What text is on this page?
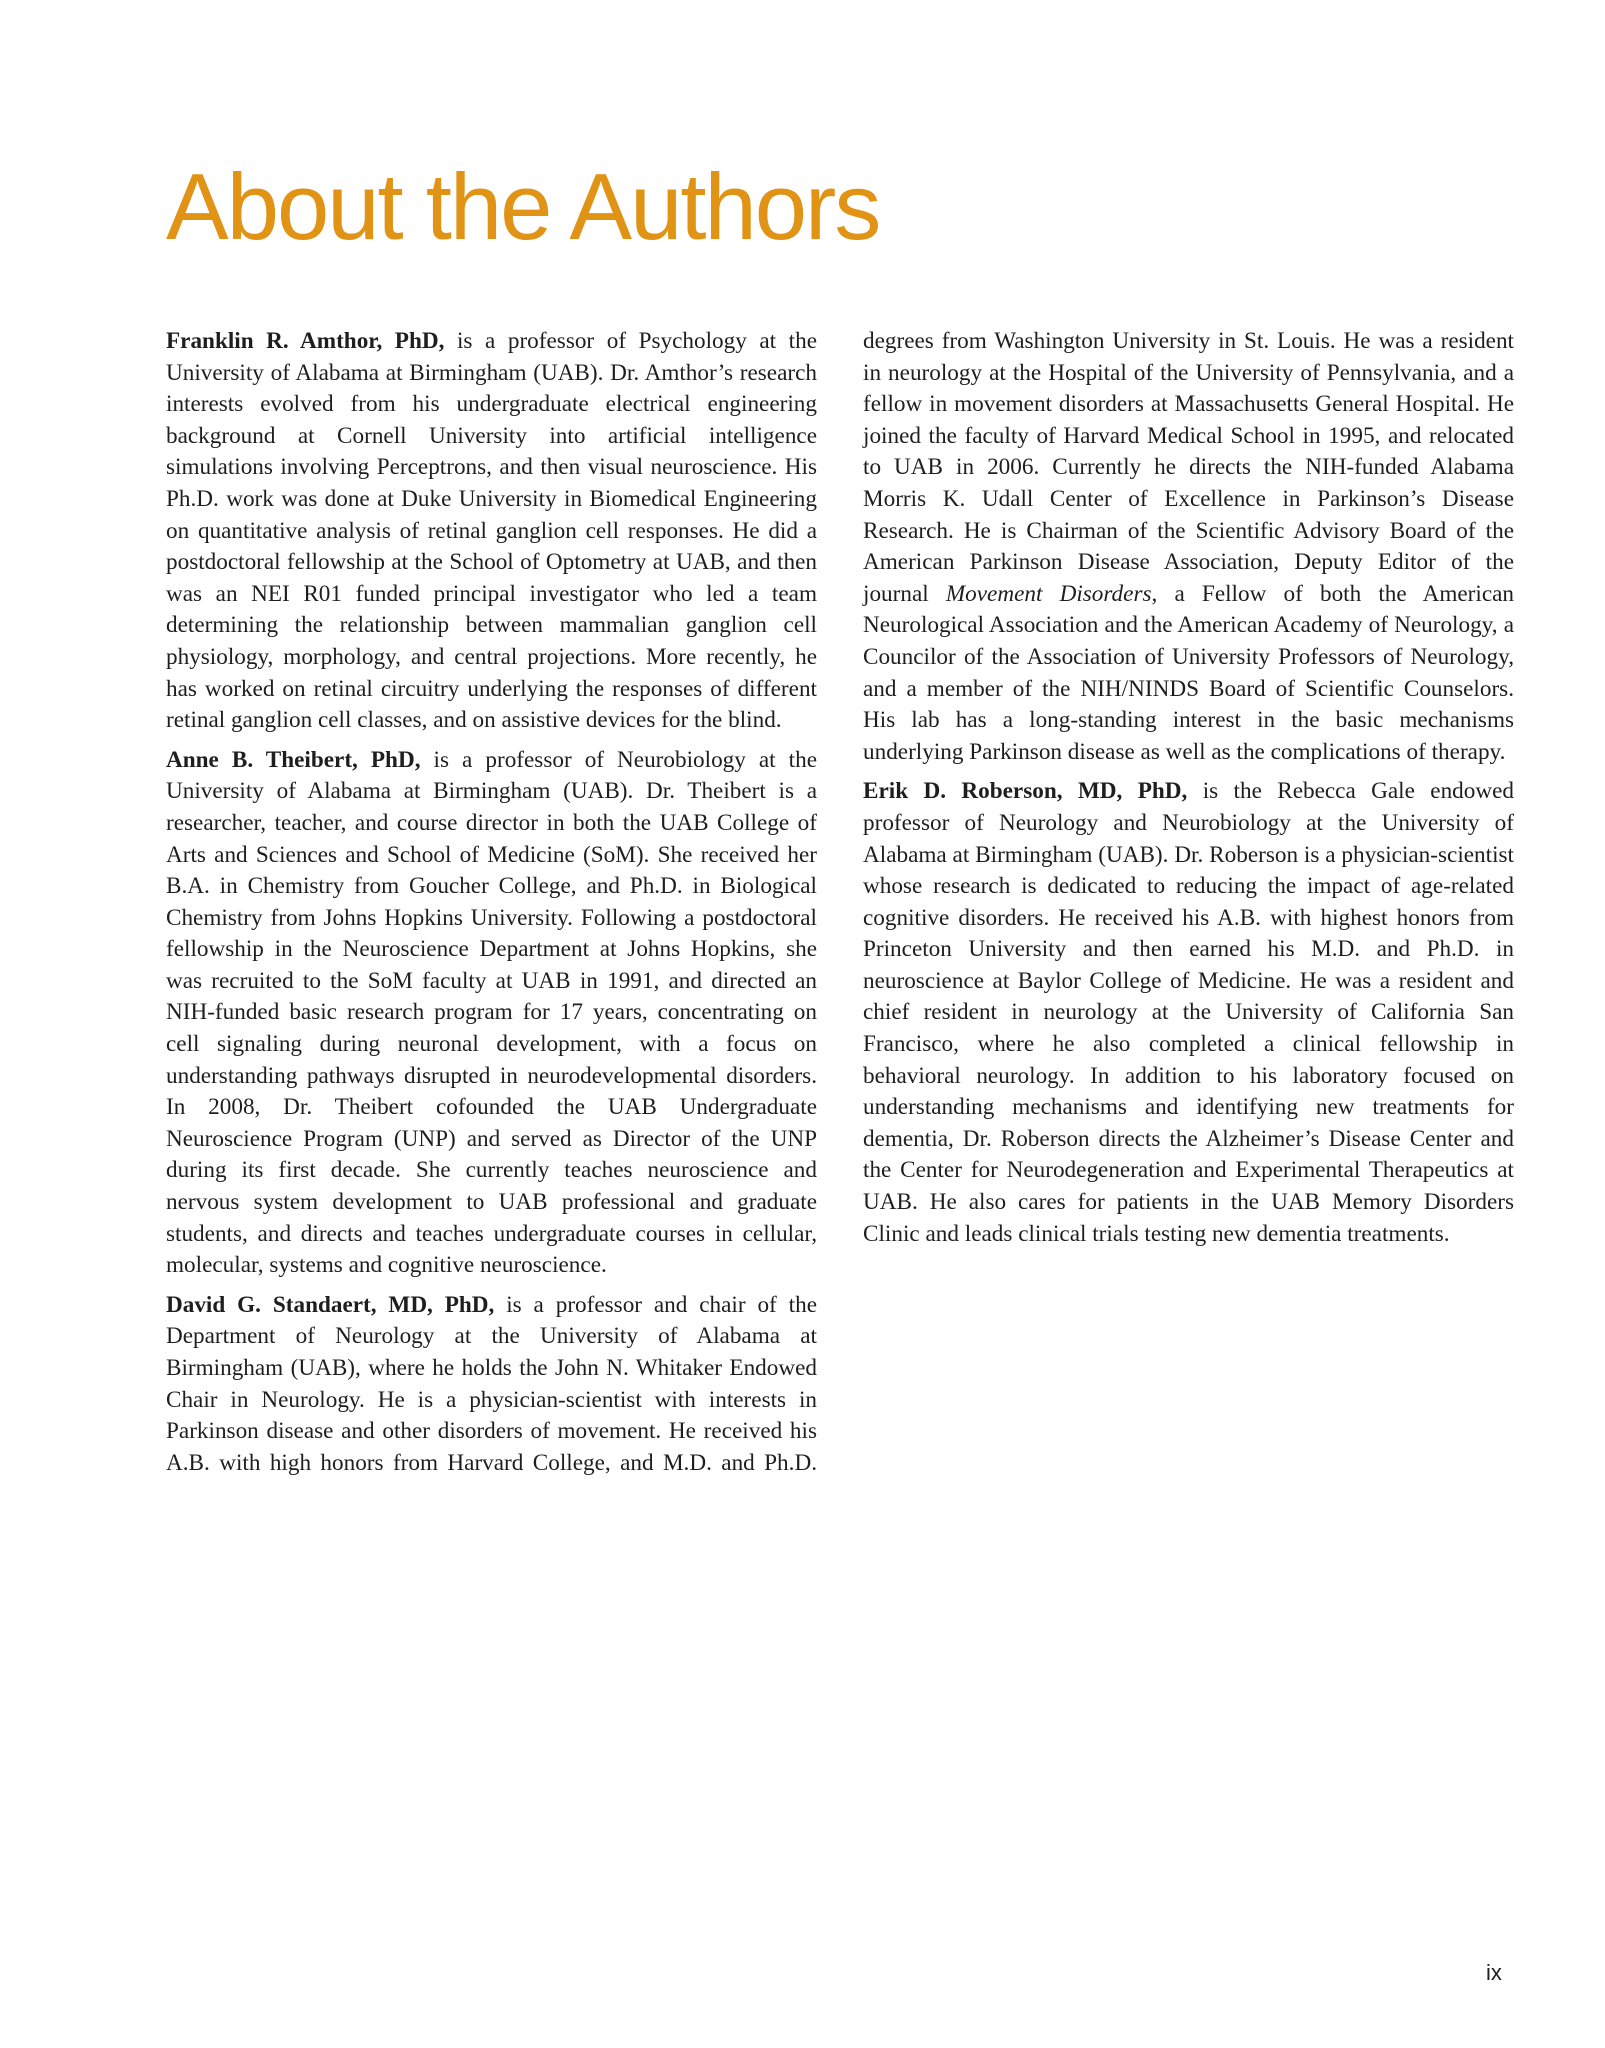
About the Authors

Franklin R. Amthor, PhD, is a professor of Psychology at the University of Alabama at Birmingham (UAB). Dr. Amthor’s research interests evolved from his undergraduate electrical engineering background at Cornell University into artificial intelligence simulations involving Perceptrons, and then visual neuroscience. His Ph.D. work was done at Duke University in Biomedical Engineering on quantitative analysis of retinal ganglion cell responses. He did a postdoctoral fellowship at the School of Optometry at UAB, and then was an NEI R01 funded principal investigator who led a team determining the relationship between mammalian ganglion cell physiology, morphology, and central projections. More recently, he has worked on retinal circuitry underlying the responses of different retinal ganglion cell classes, and on assistive devices for the blind.

Anne B. Theibert, PhD, is a professor of Neurobiology at the University of Alabama at Birmingham (UAB). Dr. Theibert is a researcher, teacher, and course director in both the UAB College of Arts and Sciences and School of Medicine (SoM). She received her B.A. in Chemistry from Goucher College, and Ph.D. in Biological Chemistry from Johns Hopkins University. Following a postdoctoral fellowship in the Neuroscience Department at Johns Hopkins, she was recruited to the SoM faculty at UAB in 1991, and directed an NIH-funded basic research program for 17 years, concentrating on cell signaling during neuronal development, with a focus on understanding pathways disrupted in neurodevelopmental disorders. In 2008, Dr. Theibert cofounded the UAB Undergraduate Neuroscience Program (UNP) and served as Director of the UNP during its first decade. She currently teaches neuroscience and nervous system development to UAB professional and graduate students, and directs and teaches undergraduate courses in cellular, molecular, systems and cognitive neuroscience.

David G. Standaert, MD, PhD, is a professor and chair of the Department of Neurology at the University of Alabama at Birmingham (UAB), where he holds the John N. Whitaker Endowed Chair in Neurology. He is a physician-scientist with interests in Parkinson disease and other disorders of movement. He received his A.B. with high honors from Harvard College, and M.D. and Ph.D. degrees from Washington University in St. Louis. He was a resident in neurology at the Hospital of the University of Pennsylvania, and a fellow in movement disorders at Massachusetts General Hospital. He joined the faculty of Harvard Medical School in 1995, and relocated to UAB in 2006. Currently he directs the NIH-funded Alabama Morris K. Udall Center of Excellence in Parkinson’s Disease Research. He is Chairman of the Scientific Advisory Board of the American Parkinson Disease Association, Deputy Editor of the journal Movement Disorders, a Fellow of both the American Neurological Association and the American Academy of Neurology, a Councilor of the Association of University Professors of Neurology, and a member of the NIH/NINDS Board of Scientific Counselors. His lab has a long-standing interest in the basic mechanisms underlying Parkinson disease as well as the complications of therapy.

Erik D. Roberson, MD, PhD, is the Rebecca Gale endowed professor of Neurology and Neurobiology at the University of Alabama at Birmingham (UAB). Dr. Roberson is a physician-scientist whose research is dedicated to reducing the impact of age-related cognitive disorders. He received his A.B. with highest honors from Princeton University and then earned his M.D. and Ph.D. in neuroscience at Baylor College of Medicine. He was a resident and chief resident in neurology at the University of California San Francisco, where he also completed a clinical fellowship in behavioral neurology. In addition to his laboratory focused on understanding mechanisms and identifying new treatments for dementia, Dr. Roberson directs the Alzheimer’s Disease Center and the Center for Neurodegeneration and Experimental Therapeutics at UAB. He also cares for patients in the UAB Memory Disorders Clinic and leads clinical trials testing new dementia treatments.

ix
